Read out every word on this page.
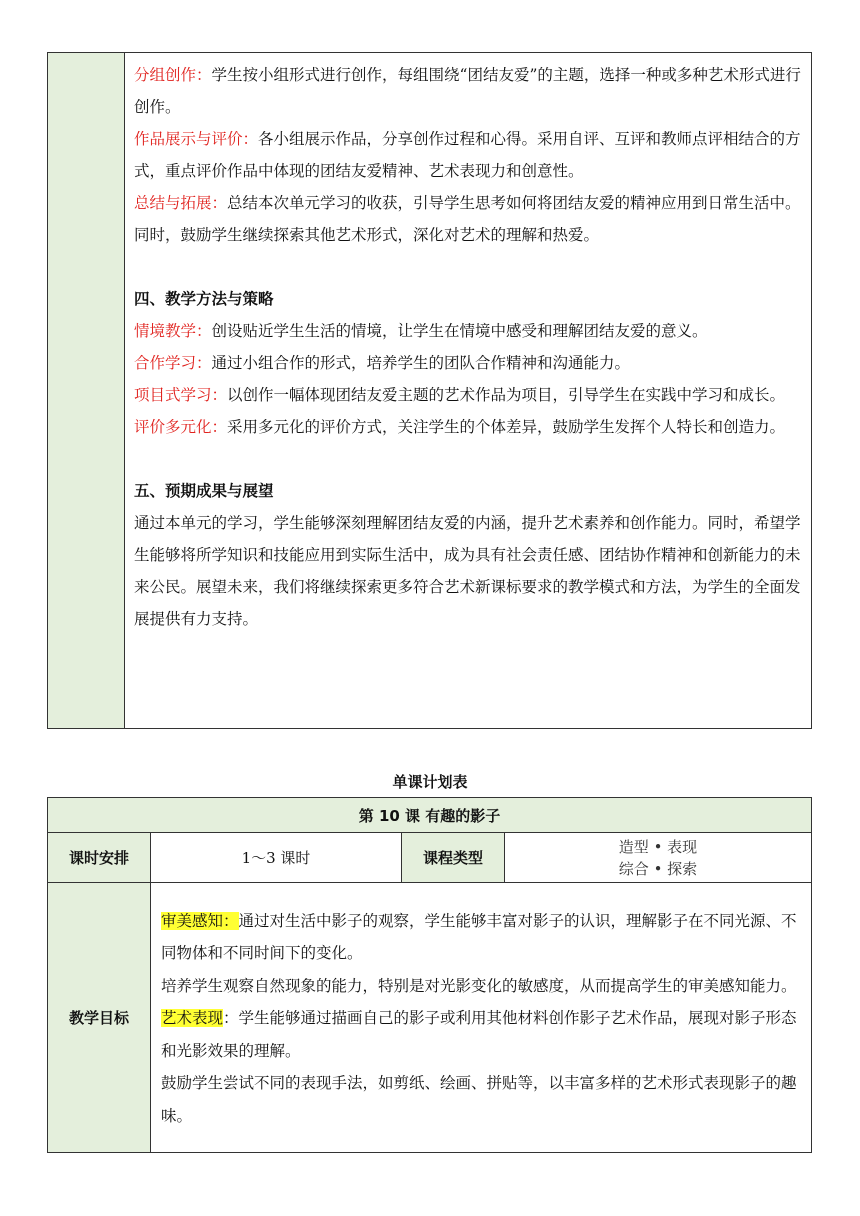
分组创作：学生按小组形式进行创作，每组围绕“团结友爱”的主题，选择一种或多种艺术形式进行创作。

作品展示与评价：各小组展示作品，分享创作过程和心得。采用自评、互评和教师点评相结合的方式，重点评价作品中体现的团结友爱精神、艺术表现力和创意性。

总结与拓展：总结本次单元学习的收获，引导学生思考如何将团结友爱的精神应用到日常生活中。同时，鼓励学生继续探索其他艺术形式，深化对艺术的理解和热爱。

四、教学方法与策略

情境教学：创设贴近学生生活的情境，让学生在情境中感受和理解团结友爱的意义。

合作学习：通过小组合作的形式，培养学生的团队合作精神和沟通能力。

项目式学习：以创作一幅体现团结友爱主题的艺术作品为项目，引导学生在实践中学习和成长。

评价多元化：采用多元化的评价方式，关注学生的个体差异，鼓励学生发挥个人特长和创造力。

五、预期成果与展望

通过本单元的学习，学生能够深刻理解团结友爱的内涵，提升艺术素养和创作能力。同时，希望学生能够将所学知识和技能应用到实际生活中，成为具有社会责任感、团结协作精神和创新能力的未来公民。展望未来，我们将继续探索更多符合艺术新课标要求的教学模式和方法，为学生的全面发展提供有力支持。

单课计划表
第 10 课 有趣的影子			
课时安排	1～3 课时	课程类型	造型 • 表现
综合 • 探索

教学目标	审美感知：通过对生活中影子的观察，学生能够丰富对影子的认识，理解影子在不同光源、不同物体和不同时间下的变化。

培养学生观察自然现象的能力，特别是对光影变化的敏感度，从而提高学生的审美感知能力。

艺术表现：学生能够通过描画自己的影子或利用其他材料创作影子艺术作品，展现对影子形态和光影效果的理解。

鼓励学生尝试不同的表现手法，如剪纸、绘画、拼贴等，以丰富多样的艺术形式表现影子的趣味。		
